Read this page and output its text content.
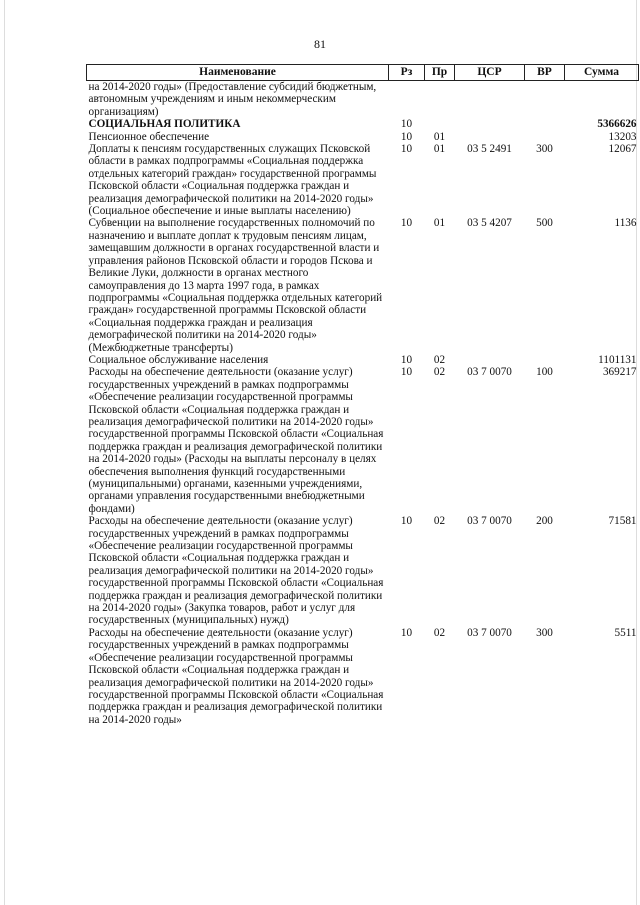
81
Наименование	Рз	Пр	ЦСР	ВР	Сумма
на 2014-2020 годы» (Предоставление субсидий бюджетным, автономным учреждениям и иным некоммерческим организациям)					
СОЦИАЛЬНАЯ ПОЛИТИКА	10				5366626
Пенсионное обеспечение	10	01			13203
Доплаты к пенсиям государственных служащих Псковской области в рамках подпрограммы «Социальная поддержка отдельных категорий граждан» государственной программы Псковской области «Социальная поддержка граждан и реализация демографической политики на 2014-2020 годы» (Социальное обеспечение и иные выплаты населению)	10	01	03 5 2491	300	12067
Субвенции на выполнение государственных полномочий по назначению и выплате доплат к трудовым пенсиям лицам, замещавшим должности в органах государственной власти и управления районов Псковской области и городов Пскова и Великие Луки, должности в органах местного самоуправления до 13 марта 1997 года, в рамках подпрограммы «Социальная поддержка отдельных категорий граждан» государственной программы Псковской области «Социальная поддержка граждан и реализация демографической политики на 2014-2020 годы» (Межбюджетные трансферты)	10	01	03 5 4207	500	1136
Социальное обслуживание населения	10	02			1101131
Расходы на обеспечение деятельности (оказание услуг) государственных учреждений в рамках подпрограммы «Обеспечение реализации государственной программы Псковской области «Социальная поддержка граждан и реализация демографической политики на 2014-2020 годы» государственной программы Псковской области «Социальная поддержка граждан и реализация демографической политики на 2014-2020 годы» (Расходы на выплаты персоналу в целях обеспечения выполнения функций государственными (муниципальными) органами, казенными учреждениями, органами управления государственными внебюджетными фондами)	10	02	03 7 0070	100	369217
Расходы на обеспечение деятельности (оказание услуг) государственных учреждений в рамках подпрограммы «Обеспечение реализации государственной программы Псковской области «Социальная поддержка граждан и реализация демографической политики на 2014-2020 годы» государственной программы Псковской области «Социальная поддержка граждан и реализация демографической политики на 2014-2020 годы» (Закупка товаров, работ и услуг для государственных (муниципальных) нужд)	10	02	03 7 0070	200	71581
Расходы на обеспечение деятельности (оказание услуг) государственных учреждений в рамках подпрограммы «Обеспечение реализации государственной программы Псковской области «Социальная поддержка граждан и реализация демографической политики на 2014-2020 годы» государственной программы Псковской области «Социальная поддержка граждан и реализация демографической политики на 2014-2020 годы»	10	02	03 7 0070	300	5511
